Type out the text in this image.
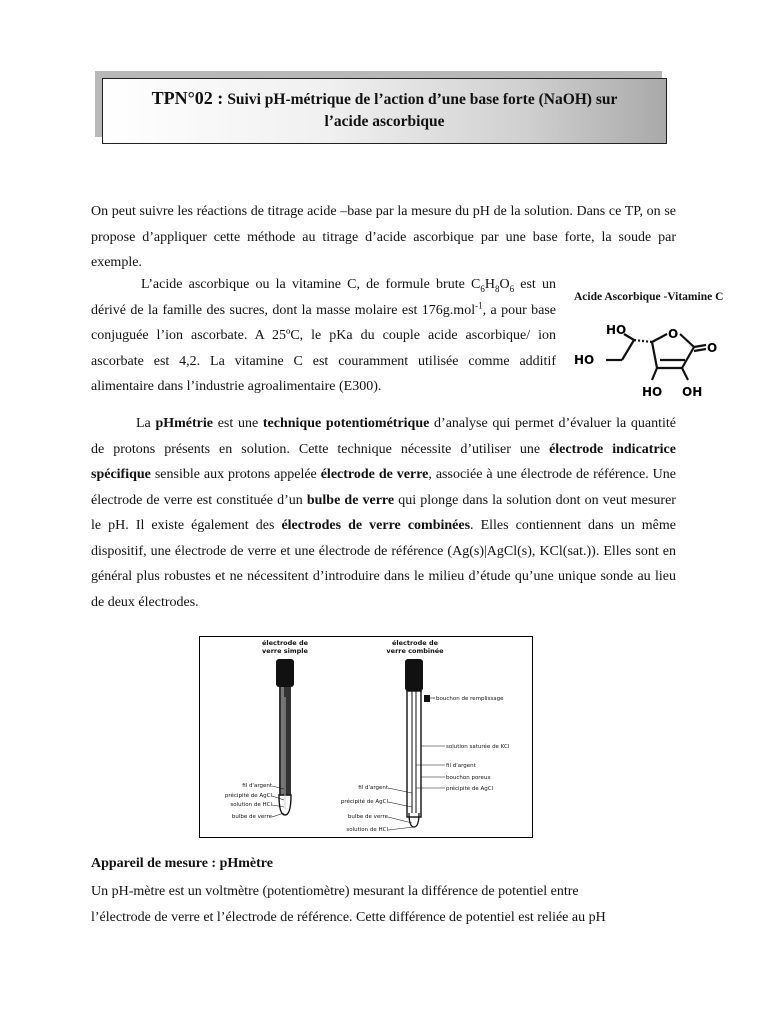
TPN°02 : Suivi pH-métrique de l’action d’une base forte (NaOH) sur
l’acide ascorbique
On peut suivre les réactions de titrage acide –base par la mesure du pH de la solution. Dans ce TP, on se propose d’appliquer cette méthode au titrage d’acide ascorbique par une base forte, la soude par exemple.
L’acide ascorbique ou la vitamine C, de formule brute $C_6H_8O_6$ est un dérivé de la famille des sucres, dont la masse molaire est 176g.mol$^{-1}$, a pour base conjuguée l’ion ascorbate. A 25ºC, le pKa du couple acide ascorbique/ ion ascorbate est 4,2. La vitamine C est couramment utilisée comme additif alimentaire dans l’industrie agroalimentaire (E300).
Acide Ascorbique -Vitamine C
HO	O
O
HO
HO OH
La pHmétrie est une technique potentiométrique d’analyse qui permet d’évaluer la quantité de protons présents en solution. Cette technique nécessite d’utiliser une électrode indicatrice spécifique sensible aux protons appelée électrode de verre, associée à une électrode de référence. Une électrode de verre est constituée d’un bulbe de verre qui plonge dans la solution dont on veut mesurer le pH. Il existe également des électrodes de verre combinées. Elles contiennent dans un même dispositif, une électrode de verre et une électrode de référence (Ag(s)|AgCl(s), KCl(sat.)). Elles sont en général plus robustes et ne nécessitent d’introduire dans le milieu d’étude qu’une unique sonde au lieu de deux électrodes.
électrode de
verre simple
électrode de
verre combinée
fil d'argent
précipité de AgCl
solution de HCl
bulbe de verre
fil d'argent
précipité de AgCl
bulbe de verre
solution de HCl
bouchon de remplissage
solution saturée de KCl
fil d'argent
bouchon poreux
précipité de AgCl
Appareil de mesure : pHmètre
Un pH-mètre est un voltmètre (potentiomètre) mesurant la différence de potentiel entre
l’électrode de verre et l’électrode de référence. Cette différence de potentiel est reliée au pH
